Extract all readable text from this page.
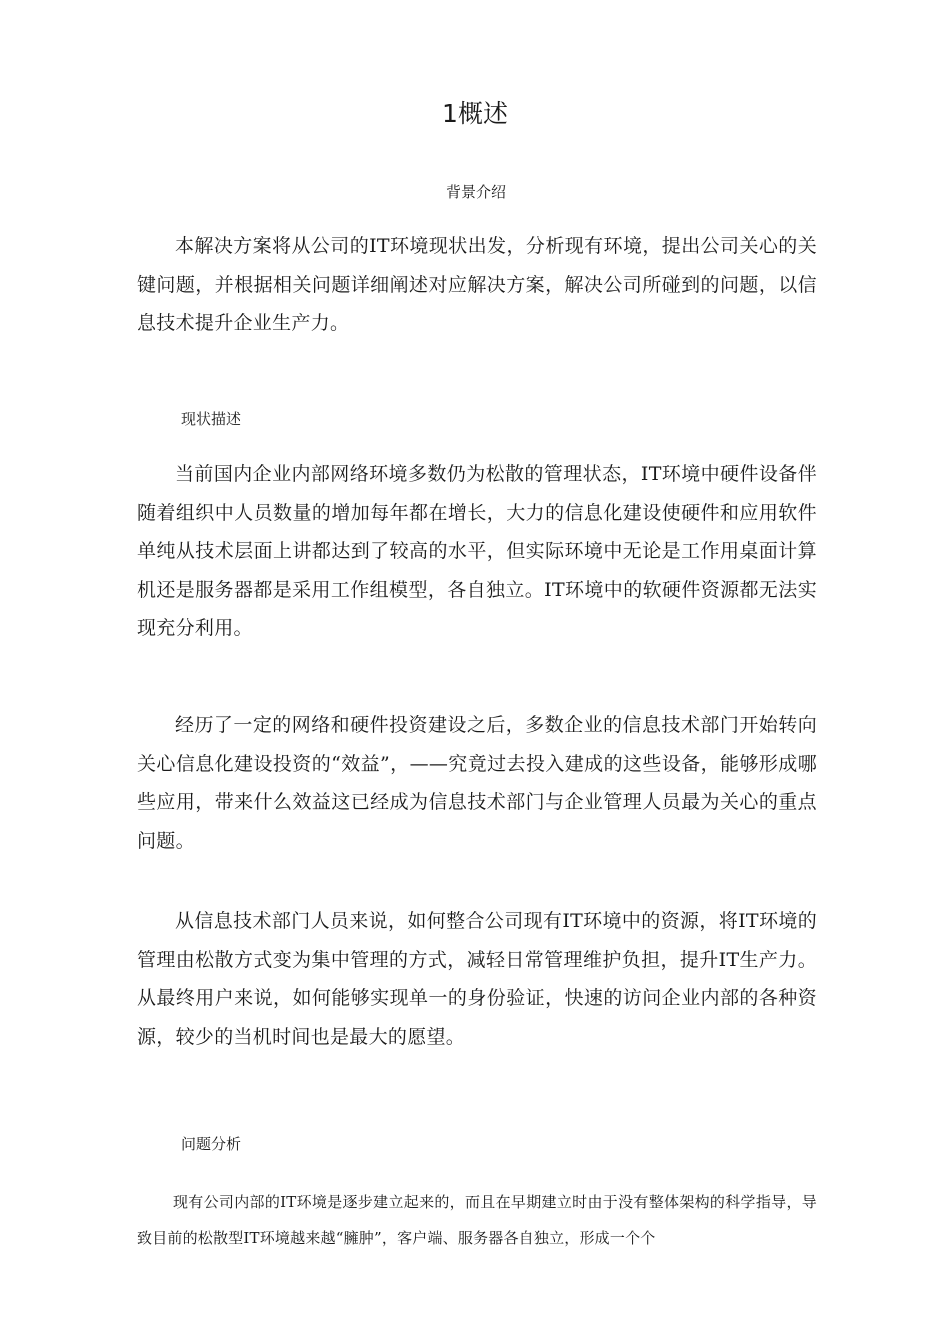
1概述
背景介绍

本解决方案将从公司的IT环境现状出发，分析现有环境，提出公司关心的关键问题，并根据相关问题详细阐述对应解决方案，解决公司所碰到的问题，以信息技术提升企业生产力。

现状描述

当前国内企业内部网络环境多数仍为松散的管理状态，IT环境中硬件设备伴随着组织中人员数量的增加每年都在增长，大力的信息化建设使硬件和应用软件单纯从技术层面上讲都达到了较高的水平，但实际环境中无论是工作用桌面计算机还是服务器都是采用工作组模型，各自独立。IT环境中的软硬件资源都无法实现充分利用。

经历了一定的网络和硬件投资建设之后，多数企业的信息技术部门开始转向关心信息化建设投资的“效益”，——究竟过去投入建成的这些设备，能够形成哪些应用，带来什么效益这已经成为信息技术部门与企业管理人员最为关心的重点问题。

从信息技术部门人员来说，如何整合公司现有IT环境中的资源，将IT环境的管理由松散方式变为集中管理的方式，减轻日常管理维护负担，提升IT生产力。从最终用户来说，如何能够实现单一的身份验证，快速的访问企业内部的各种资源，较少的当机时间也是最大的愿望。

问题分析

现有公司内部的IT环境是逐步建立起来的，而且在早期建立时由于没有整体架构的科学指导，导致目前的松散型IT环境越来越“臃肿”，客户端、服务器各自独立，形成一个个
